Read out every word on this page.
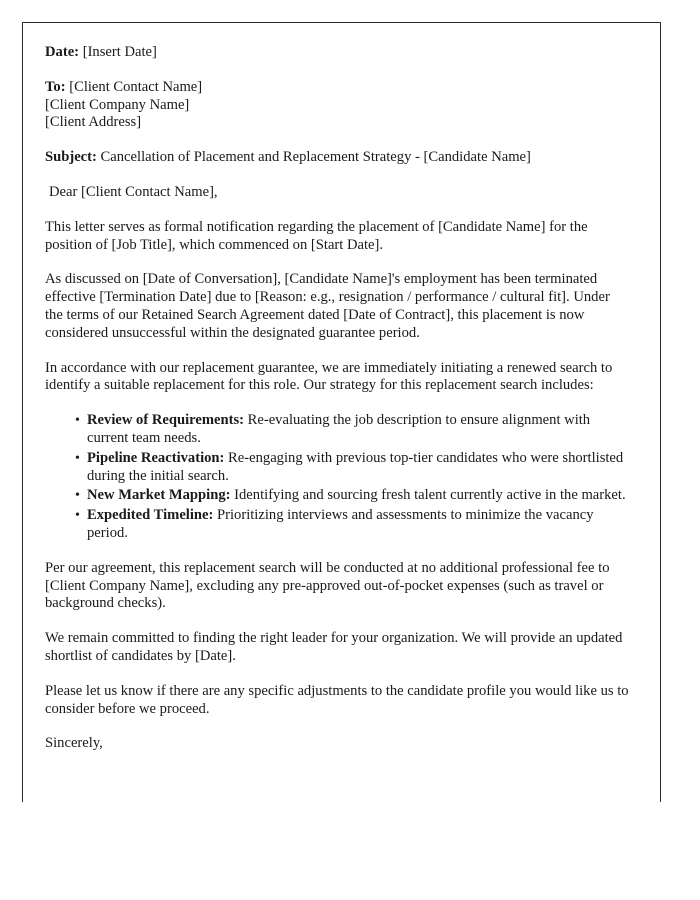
Date: [Insert Date]
To: [Client Contact Name]
[Client Company Name]
[Client Address]
Subject: Cancellation of Placement and Replacement Strategy - [Candidate Name]
Dear [Client Contact Name],
This letter serves as formal notification regarding the placement of [Candidate Name] for the position of [Job Title], which commenced on [Start Date].
As discussed on [Date of Conversation], [Candidate Name]'s employment has been terminated effective [Termination Date] due to [Reason: e.g., resignation / performance / cultural fit]. Under the terms of our Retained Search Agreement dated [Date of Contract], this placement is now considered unsuccessful within the designated guarantee period.
In accordance with our replacement guarantee, we are immediately initiating a renewed search to identify a suitable replacement for this role. Our strategy for this replacement search includes:
• Review of Requirements: Re-evaluating the job description to ensure alignment with current team needs.
• Pipeline Reactivation: Re-engaging with previous top-tier candidates who were shortlisted during the initial search.
• New Market Mapping: Identifying and sourcing fresh talent currently active in the market.
• Expedited Timeline: Prioritizing interviews and assessments to minimize the vacancy period.
Per our agreement, this replacement search will be conducted at no additional professional fee to [Client Company Name], excluding any pre-approved out-of-pocket expenses (such as travel or background checks).
We remain committed to finding the right leader for your organization. We will provide an updated shortlist of candidates by [Date].
Please let us know if there are any specific adjustments to the candidate profile you would like us to consider before we proceed.
Sincerely,
